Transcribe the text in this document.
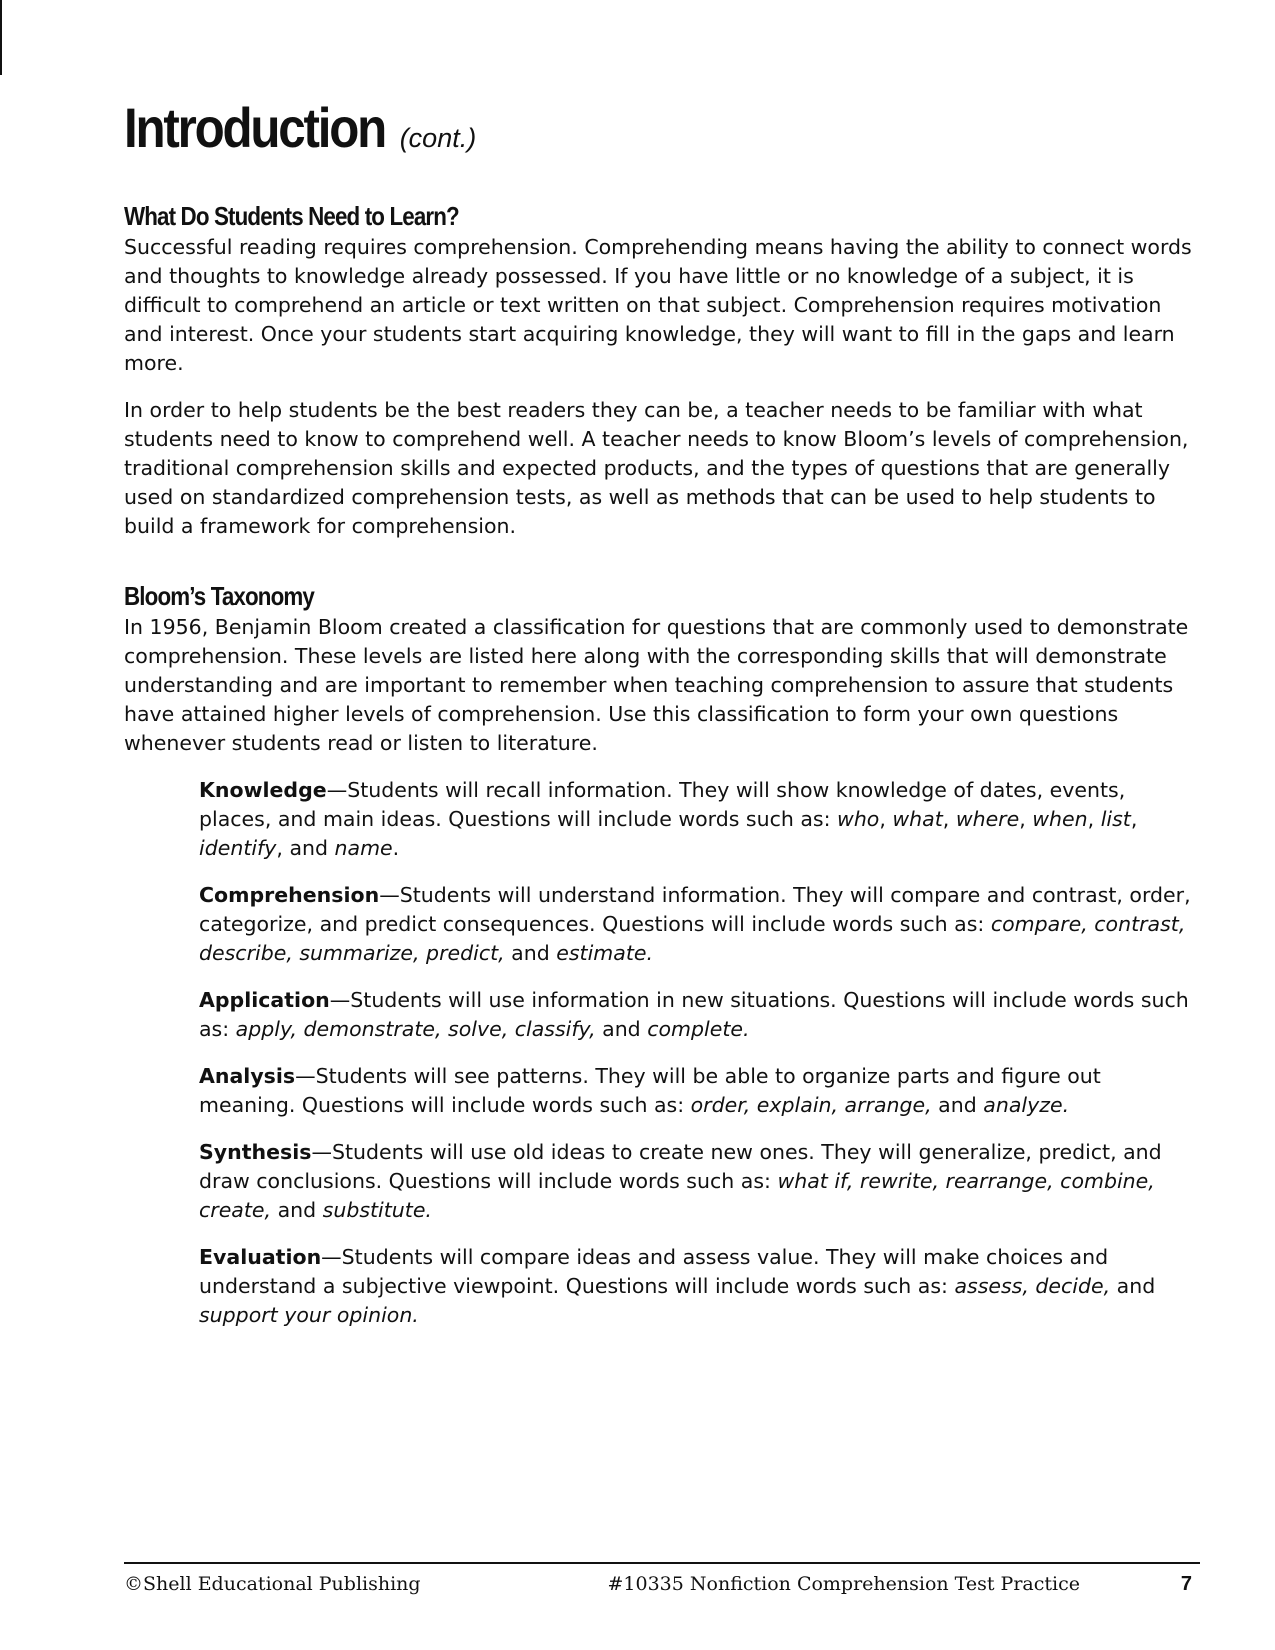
Introduction (cont.)
What Do Students Need to Learn?

Successful reading requires comprehension. Comprehending means having the ability to connect words and thoughts to knowledge already possessed. If you have little or no knowledge of a subject, it is difficult to comprehend an article or text written on that subject. Comprehension requires motivation and interest. Once your students start acquiring knowledge, they will want to fill in the gaps and learn more.

In order to help students be the best readers they can be, a teacher needs to be familiar with what students need to know to comprehend well. A teacher needs to know Bloom’s levels of comprehension, traditional comprehension skills and expected products, and the types of questions that are generally used on standardized comprehension tests, as well as methods that can be used to help students to build a framework for comprehension.

Bloom’s Taxonomy

In 1956, Benjamin Bloom created a classification for questions that are commonly used to demonstrate comprehension. These levels are listed here along with the corresponding skills that will demonstrate understanding and are important to remember when teaching comprehension to assure that students have attained higher levels of comprehension. Use this classification to form your own questions whenever students read or listen to literature.

Knowledge—Students will recall information. They will show knowledge of dates, events, places, and main ideas. Questions will include words such as: who, what, where, when, list, identify, and name.

Comprehension—Students will understand information. They will compare and contrast, order, categorize, and predict consequences. Questions will include words such as: compare, contrast, describe, summarize, predict, and estimate.

Application—Students will use information in new situations. Questions will include words such as: apply, demonstrate, solve, classify, and complete.

Analysis—Students will see patterns. They will be able to organize parts and figure out meaning. Questions will include words such as: order, explain, arrange, and analyze.

Synthesis—Students will use old ideas to create new ones. They will generalize, predict, and draw conclusions. Questions will include words such as: what if, rewrite, rearrange, combine, create, and substitute.

Evaluation—Students will compare ideas and assess value. They will make choices and understand a subjective viewpoint. Questions will include words such as: assess, decide, and support your opinion.

©Shell Educational Publishing	#10335 Nonfiction Comprehension Test Practice	7
